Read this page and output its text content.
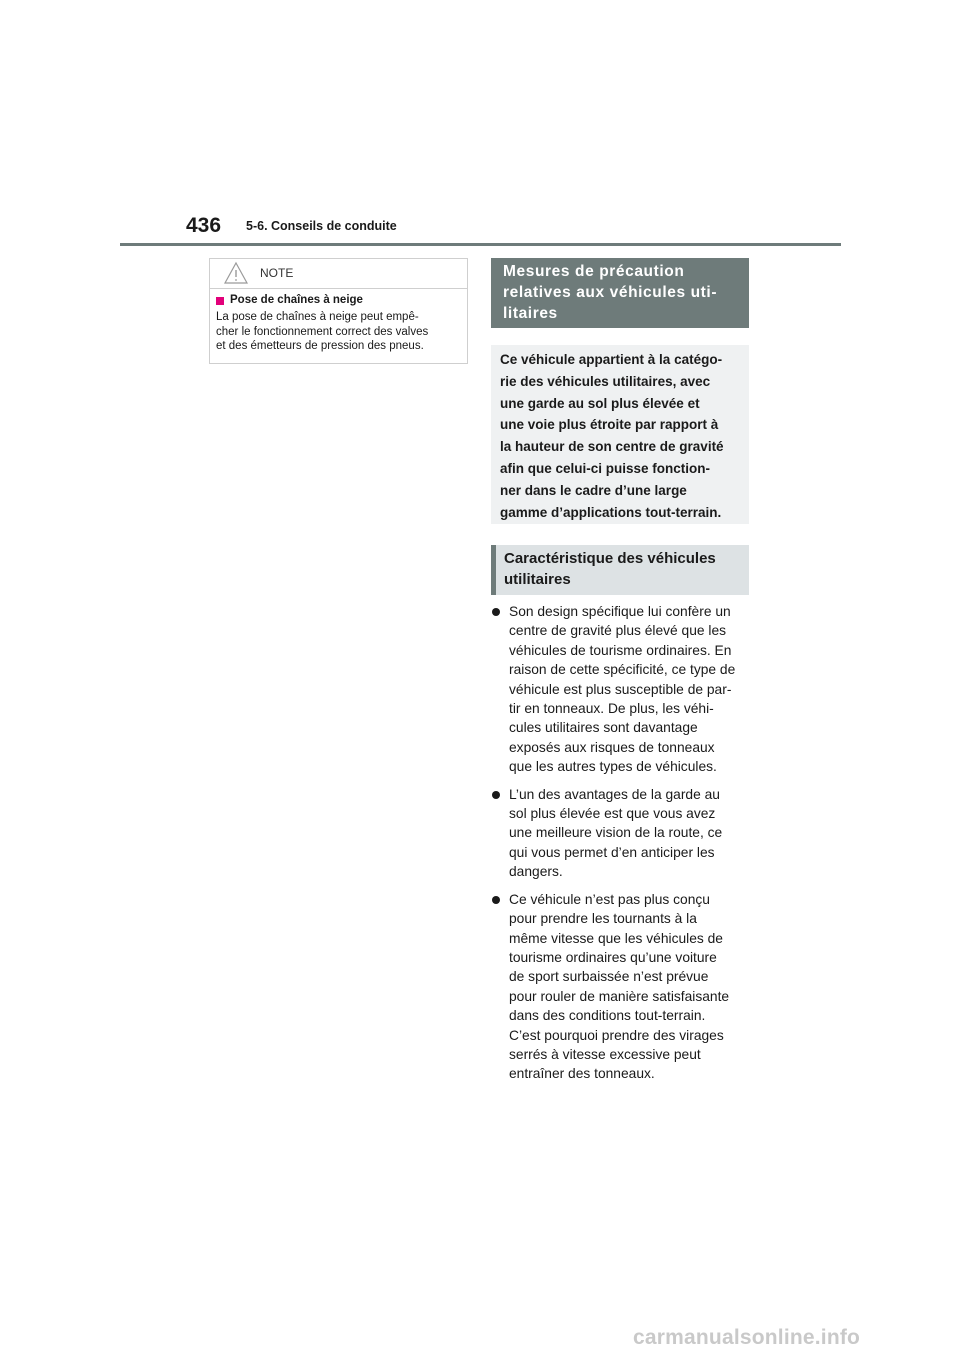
436 5-6. Conseils de conduite
NOTE
Pose de chaînes à neige
La pose de chaînes à neige peut empê-
cher le fonctionnement correct des valves
et des émetteurs de pression des pneus.
Mesures de précaution
relatives aux véhicules uti-
litaires
Ce véhicule appartient à la catégo-
rie des véhicules utilitaires, avec
une garde au sol plus élevée et
une voie plus étroite par rapport à
la hauteur de son centre de gravité
afin que celui-ci puisse fonction-
ner dans le cadre d’une large
gamme d’applications tout-terrain.
Caractéristique des véhicules
utilitaires
Son design spécifique lui confère un
centre de gravité plus élevé que les
véhicules de tourisme ordinaires. En
raison de cette spécificité, ce type de
véhicule est plus susceptible de par-
tir en tonneaux. De plus, les véhi-
cules utilitaires sont davantage
exposés aux risques de tonneaux
que les autres types de véhicules.
L’un des avantages de la garde au
sol plus élevée est que vous avez
une meilleure vision de la route, ce
qui vous permet d’en anticiper les
dangers.
Ce véhicule n’est pas plus conçu
pour prendre les tournants à la
même vitesse que les véhicules de
tourisme ordinaires qu’une voiture
de sport surbaissée n’est prévue
pour rouler de manière satisfaisante
dans des conditions tout-terrain.
C’est pourquoi prendre des virages
serrés à vitesse excessive peut
entraîner des tonneaux.
carmanualsonline.info
